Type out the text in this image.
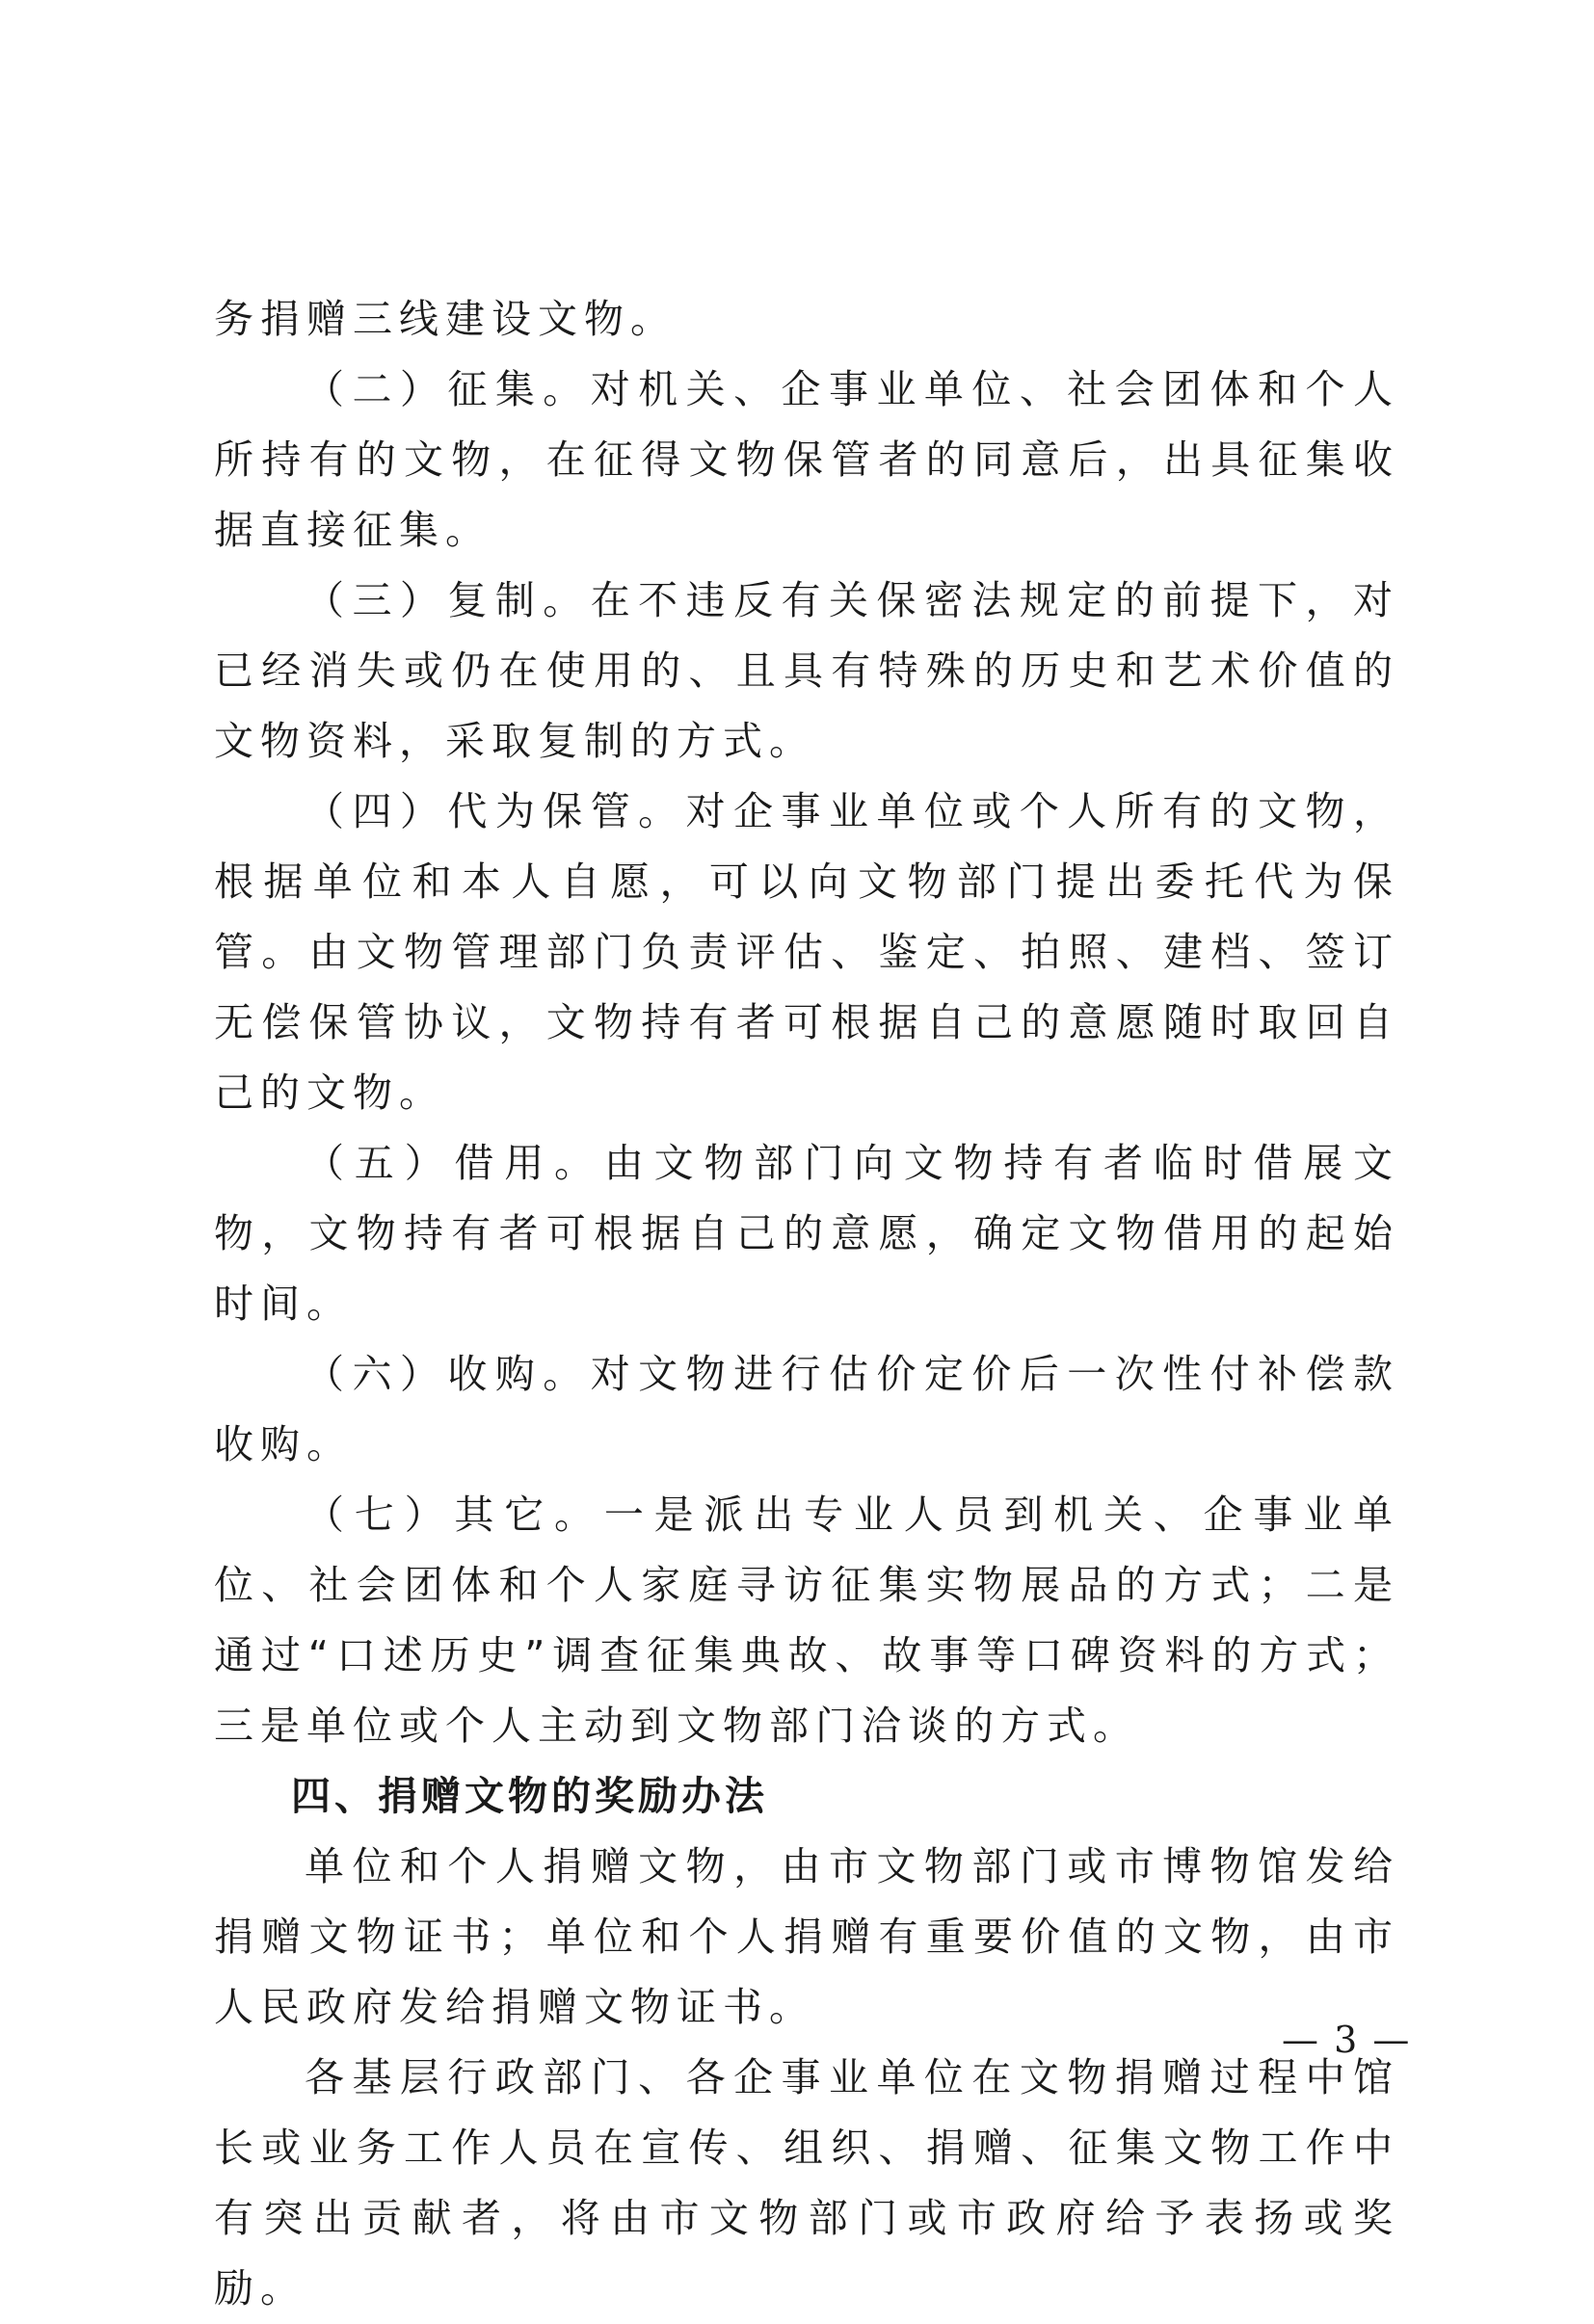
务捐赠三线建设文物。

（二）征集。对机关、企事业单位、社会团体和个人所持有的文物，在征得文物保管者的同意后，出具征集收据直接征集。

（三）复制。在不违反有关保密法规定的前提下，对已经消失或仍在使用的、且具有特殊的历史和艺术价值的文物资料，采取复制的方式。

（四）代为保管。对企事业单位或个人所有的文物，根据单位和本人自愿，可以向文物部门提出委托代为保管。由文物管理部门负责评估、鉴定、拍照、建档、签订无偿保管协议，文物持有者可根据自己的意愿随时取回自己的文物。

（五）借用。由文物部门向文物持有者临时借展文物，文物持有者可根据自己的意愿，确定文物借用的起始时间。

（六）收购。对文物进行估价定价后一次性付补偿款收购。

（七）其它。一是派出专业人员到机关、企事业单位、社会团体和个人家庭寻访征集实物展品的方式；二是通过“口述历史”调查征集典故、故事等口碑资料的方式；三是单位或个人主动到文物部门洽谈的方式。

四、捐赠文物的奖励办法

单位和个人捐赠文物，由市文物部门或市博物馆发给捐赠文物证书；单位和个人捐赠有重要价值的文物，由市人民政府发给捐赠文物证书。

各基层行政部门、各企事业单位在文物捐赠过程中馆长或业务工作人员在宣传、组织、捐赠、征集文物工作中有突出贡献者，将由市文物部门或市政府给予表扬或奖励。

— 3 —
